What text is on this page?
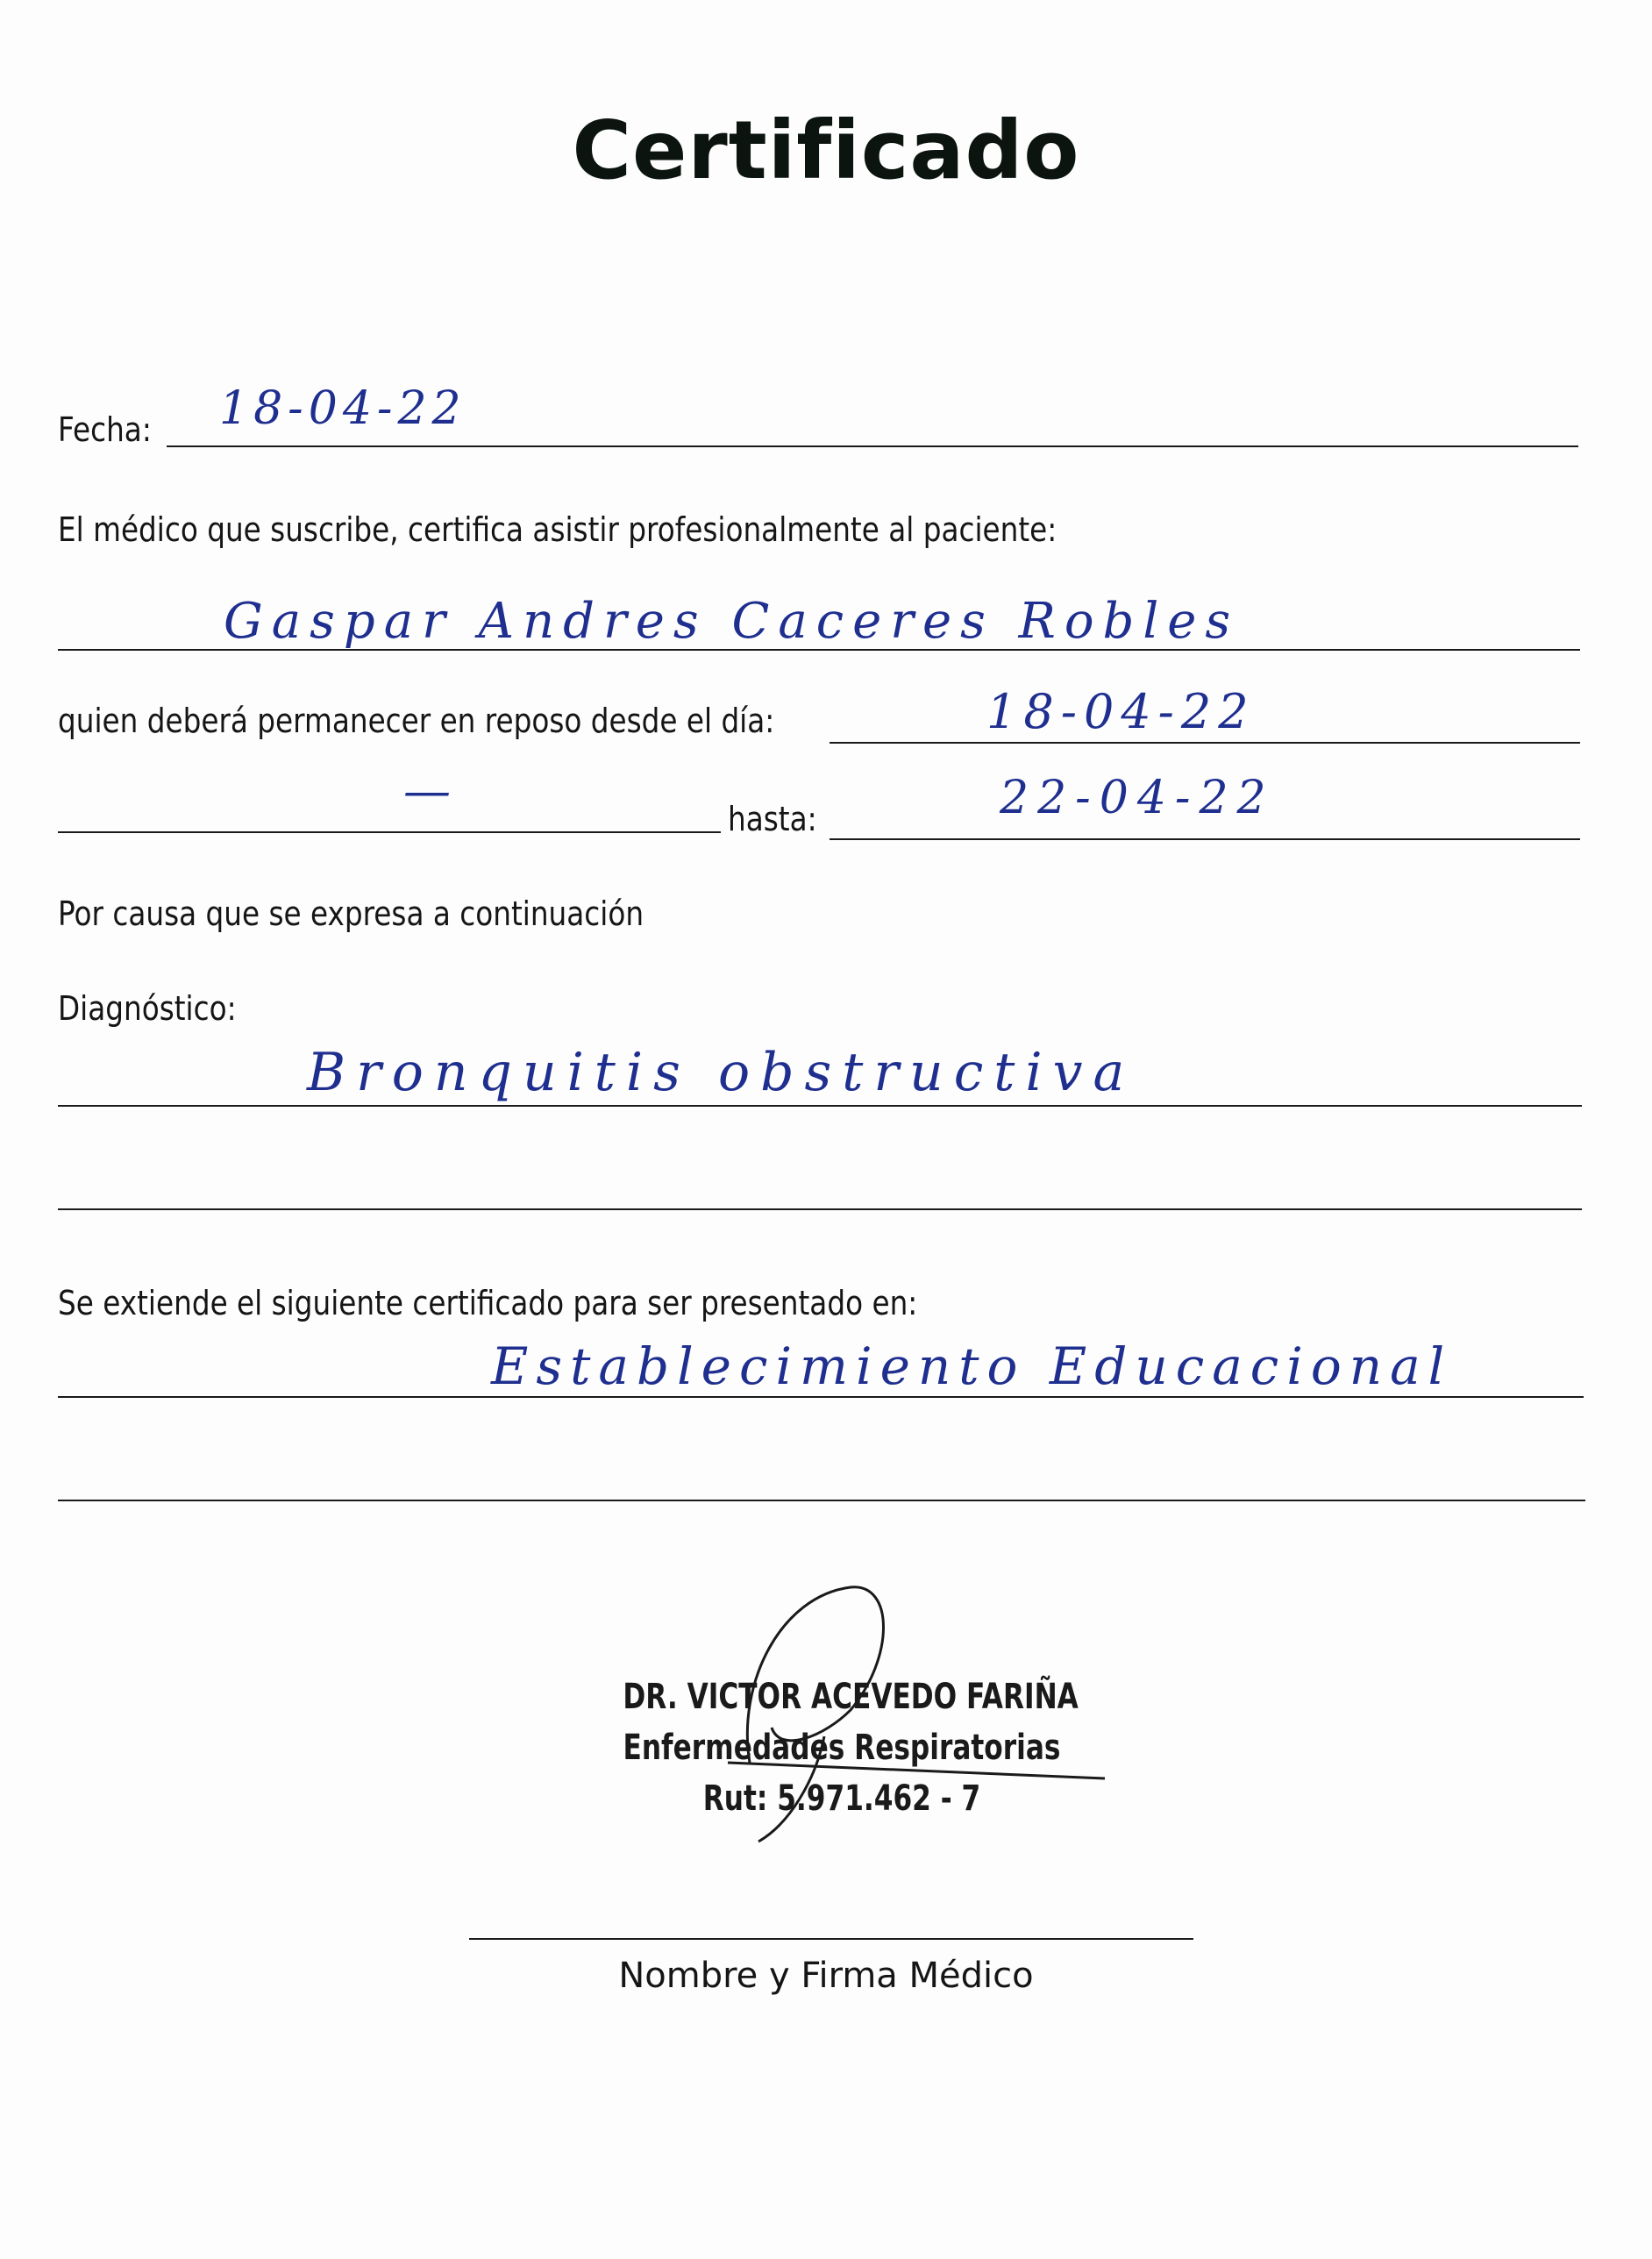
Certificado
Fecha: 18-04-22
El médico que suscribe, certifica asistir profesionalmente al paciente:
Gaspar Andres Caceres Robles
quien deberá permanecer en reposo desde el día:	18-04-22
—
hasta:	22-04-22
Por causa que se expresa a continuación
Diagnóstico:
Bronquitis obstructiva
Se extiende el siguiente certificado para ser presentado en:
Establecimiento Educacional
DR. VICTOR ACEVEDO FARIÑA
Enfermedades Respiratorias
Rut: 5.971.462 - 7
Nombre y Firma Médico
